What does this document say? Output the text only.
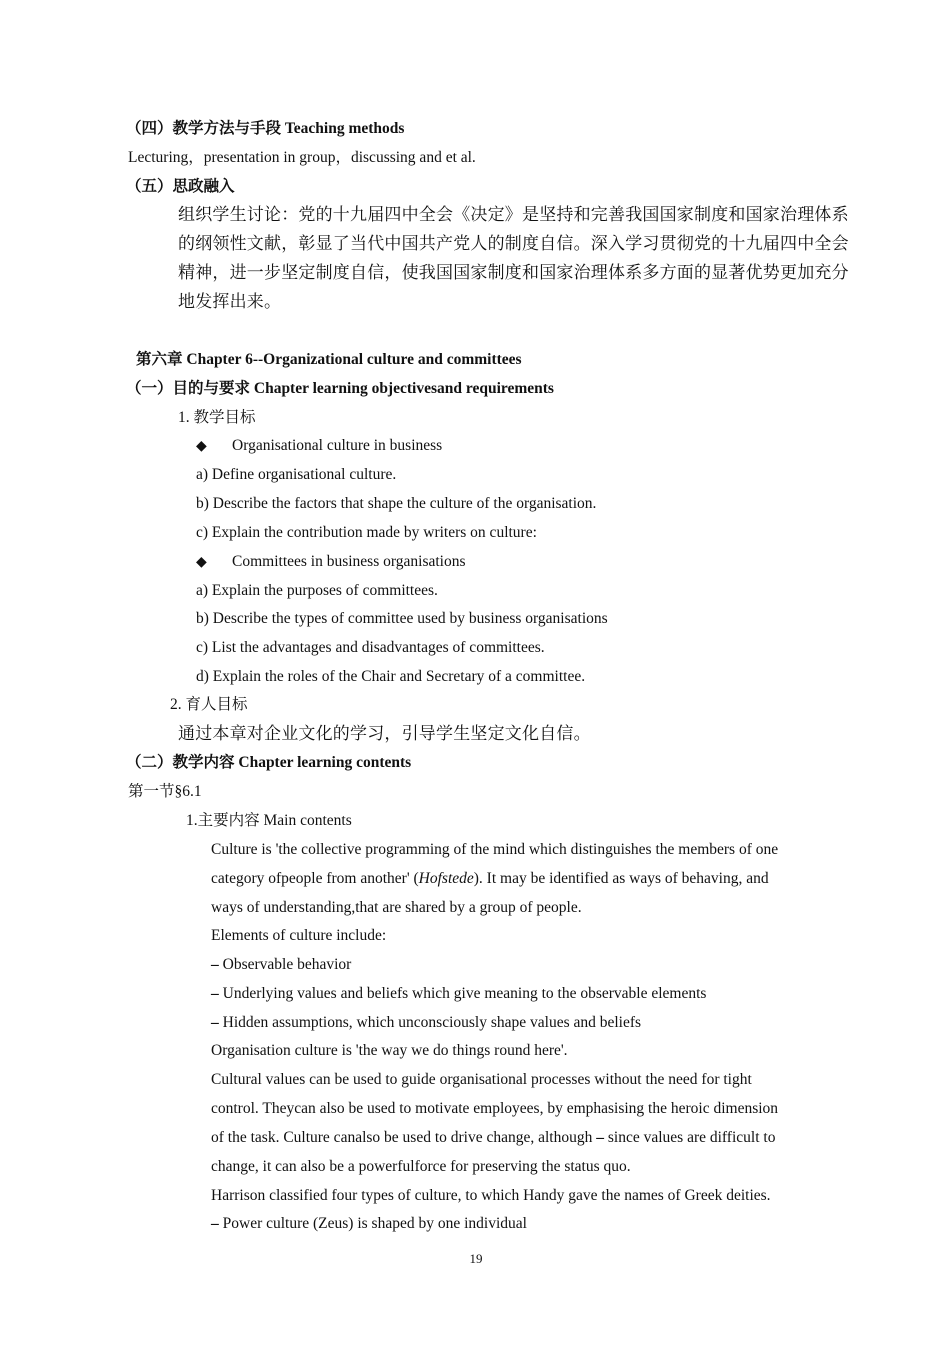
（四）教学方法与手段 Teaching methods
Lecturing，presentation in group，discussing and et al.
（五）思政融入
组织学生讨论：党的十九届四中全会《决定》是坚持和完善我国国家制度和国家治理体系
的纲领性文献，彰显了当代中国共产党人的制度自信。深入学习贯彻党的十九届四中全会
精神，进一步坚定制度自信，使我国国家制度和国家治理体系多方面的显著优势更加充分
地发挥出来。
第六章 Chapter 6--Organizational culture and committees
（一）目的与要求 Chapter learning objectivesand requirements
1. 教学目标
◆ Organisational culture in business
a) Define organisational culture.
b) Describe the factors that shape the culture of the organisation.
c) Explain the contribution made by writers on culture:
◆ Committees in business organisations
a) Explain the purposes of committees.
b) Describe the types of committee used by business organisations
c) List the advantages and disadvantages of committees.
d) Explain the roles of the Chair and Secretary of a committee.
2. 育人目标
通过本章对企业文化的学习，引导学生坚定文化自信。
（二）教学内容 Chapter learning contents
第一节§6.1
1.主要内容 Main contents
Culture is 'the collective programming of the mind which distinguishes the members of one
category ofpeople from another' (Hofstede). It may be identified as ways of behaving, and
ways of understanding,that are shared by a group of people.
Elements of culture include:
– Observable behavior
– Underlying values and beliefs which give meaning to the observable elements
– Hidden assumptions, which unconsciously shape values and beliefs
Organisation culture is 'the way we do things round here'.
Cultural values can be used to guide organisational processes without the need for tight
control. Theycan also be used to motivate employees, by emphasising the heroic dimension
of the task. Culture canalso be used to drive change, although – since values are difficult to
change, it can also be a powerfulforce for preserving the status quo.
Harrison classified four types of culture, to which Handy gave the names of Greek deities.
– Power culture (Zeus) is shaped by one individual
19
